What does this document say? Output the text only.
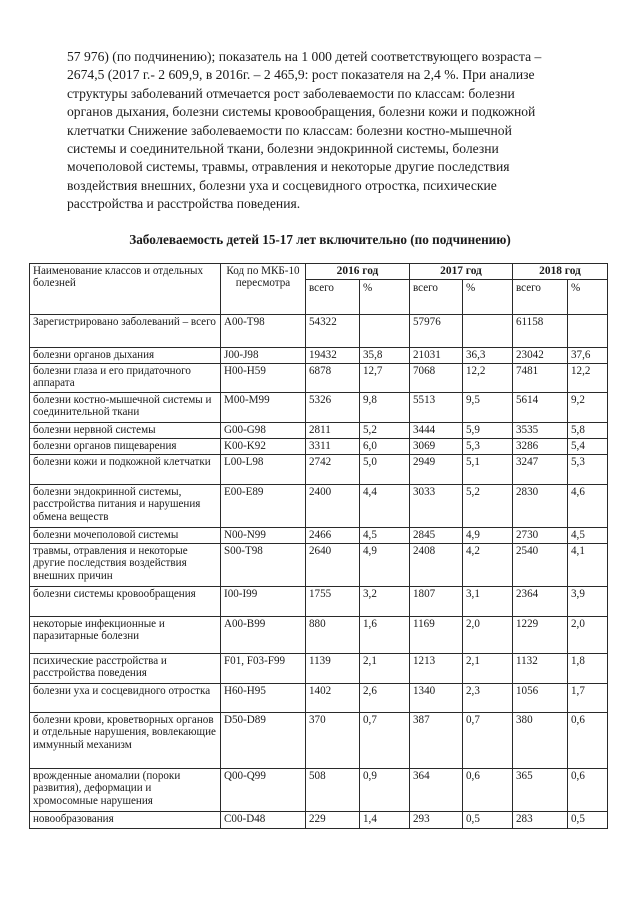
57 976) (по подчинению); показатель на 1 000 детей соответствующего возраста –

2674,5 (2017 г.- 2 609,9, в 2016г. – 2 465,9: рост показателя на 2,4 %. При анализе

структуры заболеваний отмечается рост заболеваемости по классам: болезни

органов дыхания, болезни системы кровообращения, болезни кожи и подкожной

клетчатки Снижение заболеваемости по классам: болезни костно-мышечной

системы и соединительной ткани, болезни эндокринной системы, болезни

мочеполовой системы, травмы, отравления и некоторые другие последствия

воздействия внешних, болезни уха и сосцевидного отростка, психические

расстройства и расстройства поведения.

Заболеваемость детей 15-17 лет включительно (по подчинению)
Наименование классов и отдельных болезней	Код по МКБ-10 пересмотра	2016 год		2017 год		2018 год	
		всего	%	всего	%	всего	%
Зарегистрировано заболеваний – всего	A00-T98	54322		57976		61158	
болезни органов дыхания	J00-J98	19432	35,8	21031	36,3	23042	37,6
болезни глаза и его придаточного аппарата	H00-H59	6878	12,7	7068	12,2	7481	12,2
болезни костно-мышечной системы и соединительной ткани	M00-M99	5326	9,8	5513	9,5	5614	9,2
болезни нервной системы	G00-G98	2811	5,2	3444	5,9	3535	5,8
болезни органов пищеварения	K00-K92	3311	6,0	3069	5,3	3286	5,4
болезни кожи и подкожной клетчатки	L00-L98	2742	5,0	2949	5,1	3247	5,3
болезни эндокринной системы, расстройства питания и нарушения обмена веществ	E00-E89	2400	4,4	3033	5,2	2830	4,6
болезни мочеполовой системы	N00-N99	2466	4,5	2845	4,9	2730	4,5
травмы, отравления и некоторые другие последствия воздействия внешних причин	S00-T98	2640	4,9	2408	4,2	2540	4,1
болезни системы кровообращения	I00-I99	1755	3,2	1807	3,1	2364	3,9
некоторые инфекционные и паразитарные болезни	A00-B99	880	1,6	1169	2,0	1229	2,0
психические расстройства и расстройства поведения	F01, F03-F99	1139	2,1	1213	2,1	1132	1,8
болезни уха и сосцевидного отростка	H60-H95	1402	2,6	1340	2,3	1056	1,7
болезни крови, кроветворных органов и отдельные нарушения, вовлекающие иммунный механизм	D50-D89	370	0,7	387	0,7	380	0,6
врожденные аномалии (пороки развития), деформации и хромосомные нарушения	Q00-Q99	508	0,9	364	0,6	365	0,6
новообразования	C00-D48	229	1,4	293	0,5	283	0,5
